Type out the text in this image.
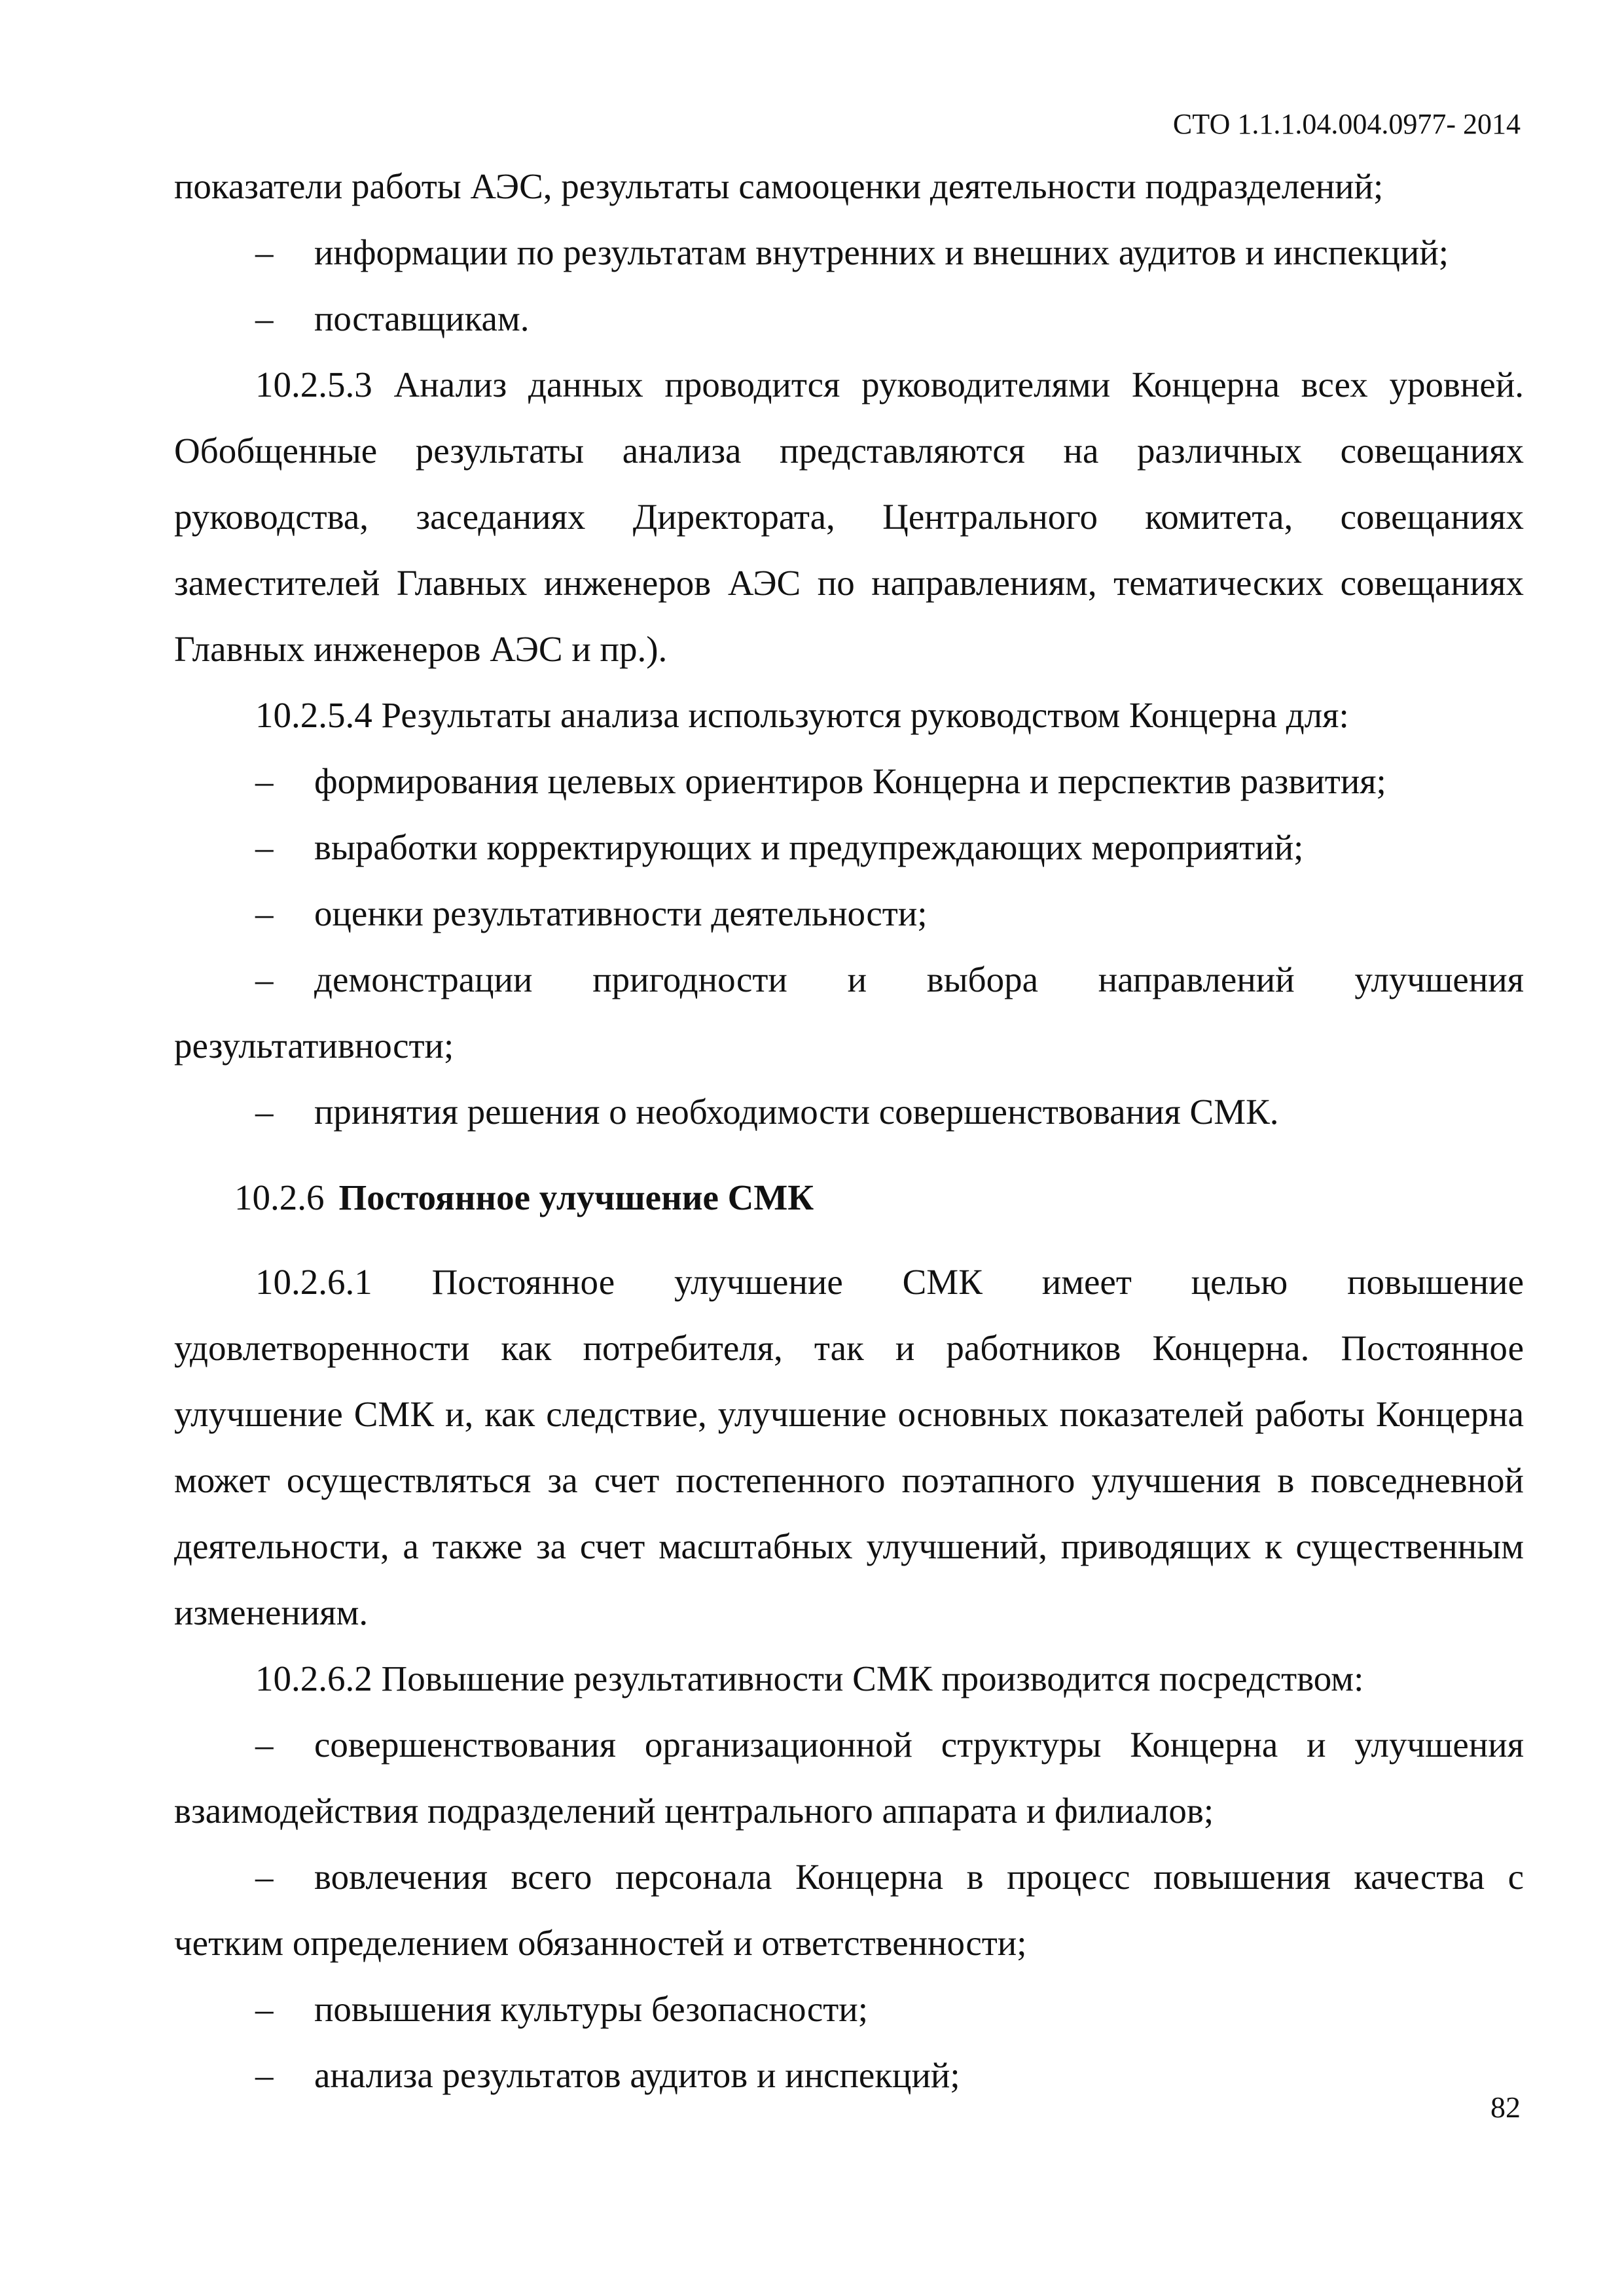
СТО 1.1.1.04.004.0977- 2014

показатели работы АЭС, результаты самооценки деятельности подразделений;

– информации по результатам внутренних и внешних аудитов и инспекций;

– поставщикам.

10.2.5.3 Анализ данных проводится руководителями Концерна всех уровней. Обобщенные результаты анализа представляются на различных совещаниях руководства, заседаниях Директората, Центрального комитета, совещаниях заместителей Главных инженеров АЭС по направлениям, тематических совещаниях Главных инженеров АЭС и пр.).

10.2.5.4 Результаты анализа используются руководством Концерна для:

– формирования целевых ориентиров Концерна и перспектив развития;

– выработки корректирующих и предупреждающих мероприятий;

– оценки результативности деятельности;

– демонстрации пригодности и выбора направлений улучшения результативности;

– принятия решения о необходимости совершенствования СМК.

10.2.6 Постоянное улучшение СМК

10.2.6.1 Постоянное улучшение СМК имеет целью повышение удовлетворенности как потребителя, так и работников Концерна. Постоянное улучшение СМК и, как следствие, улучшение основных показателей работы Концерна может осуществляться за счет постепенного поэтапного улучшения в повседневной деятельности, а также за счет масштабных улучшений, приводящих к существенным изменениям.

10.2.6.2 Повышение результативности СМК производится посредством:

– совершенствования организационной структуры Концерна и улучшения взаимодействия подразделений центрального аппарата и филиалов;

– вовлечения всего персонала Концерна в процесс повышения качества с четким определением обязанностей и ответственности;

– повышения культуры безопасности;

– анализа результатов аудитов и инспекций;

82
